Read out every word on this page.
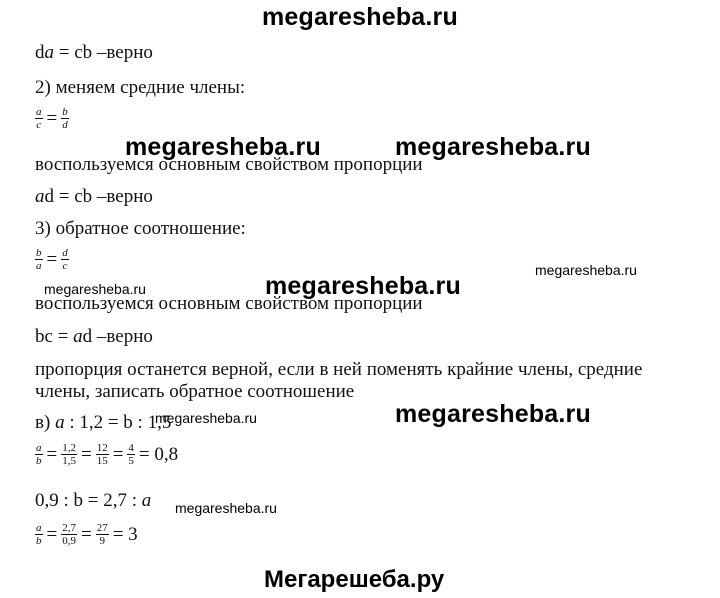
megaresheba.ru
da = cb –верно
2) меняем средние члены:
$\frac{a}{c} = \frac{b}{d}$
megaresheba.ru	megaresheba.ru
воспользуемся основным свойством пропорции
ad = cb –верно
3) обратное соотношение:
$\frac{b}{a} = \frac{d}{c}$
megaresheba.ru
megaresheba.ru
megaresheba.ru
воспользуемся основным свойством пропорции
bc = ad –верно
пропорция останется верной, если в ней поменять крайние члены, средние
члены, записать обратное соотношение
в) a : 1,2 = b : 1,5
megaresheba.ru	megaresheba.ru
$\frac{a}{b} = \frac{1,2}{1,5} = \frac{12}{15} = \frac{4}{5} = 0,8$
0,9 : b = 2,7 : a megaresheba.ru
$\frac{a}{b} = \frac{2,7}{0,9} = \frac{27}{9} = 3$
Мегарешеба.ру
